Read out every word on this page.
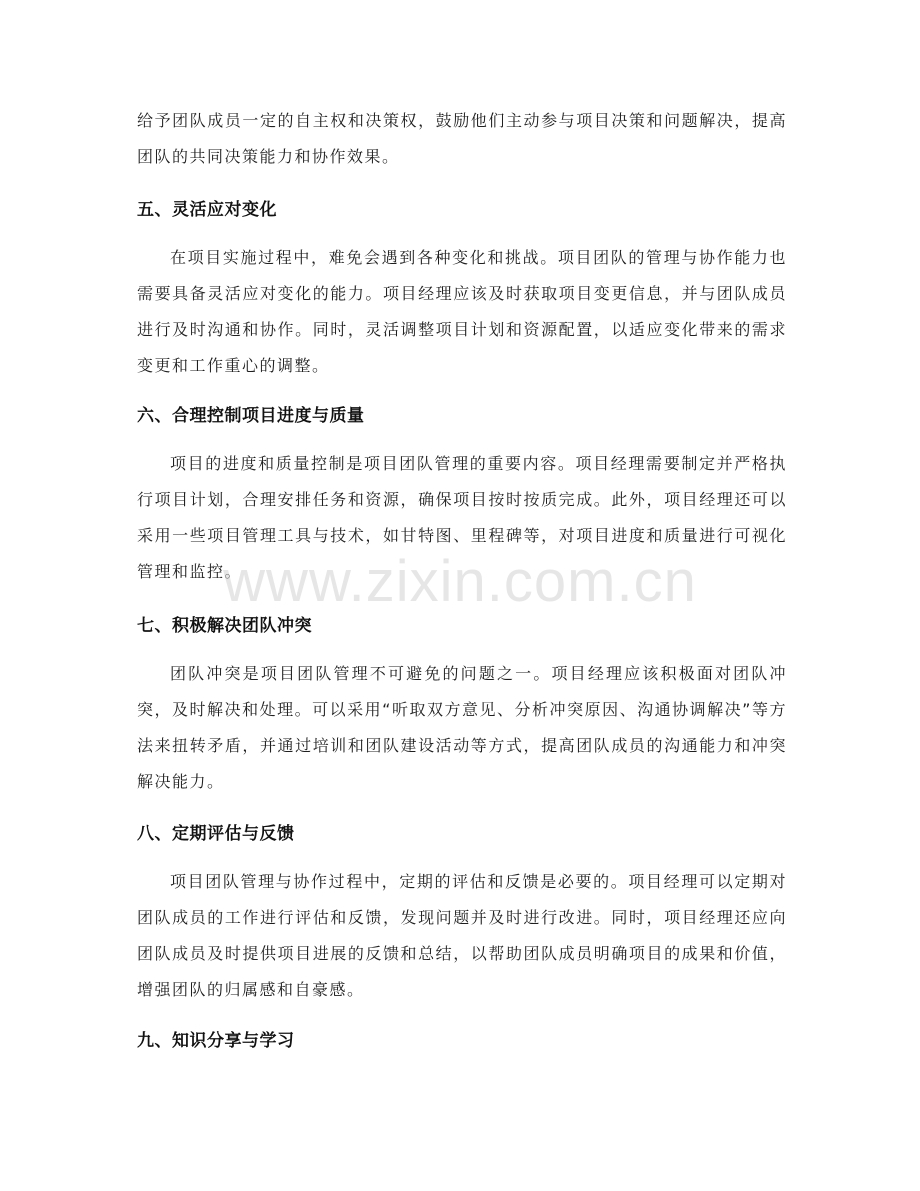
给予团队成员一定的自主权和决策权，鼓励他们主动参与项目决策和问题解决，提高团队的共同决策能力和协作效果。

五、灵活应对变化

在项目实施过程中，难免会遇到各种变化和挑战。项目团队的管理与协作能力也需要具备灵活应对变化的能力。项目经理应该及时获取项目变更信息，并与团队成员进行及时沟通和协作。同时，灵活调整项目计划和资源配置，以适应变化带来的需求变更和工作重心的调整。

六、合理控制项目进度与质量

项目的进度和质量控制是项目团队管理的重要内容。项目经理需要制定并严格执行项目计划，合理安排任务和资源，确保项目按时按质完成。此外，项目经理还可以采用一些项目管理工具与技术，如甘特图、里程碑等，对项目进度和质量进行可视化管理和监控。

七、积极解决团队冲突

团队冲突是项目团队管理不可避免的问题之一。项目经理应该积极面对团队冲突，及时解决和处理。可以采用“听取双方意见、分析冲突原因、沟通协调解决”等方法来扭转矛盾，并通过培训和团队建设活动等方式，提高团队成员的沟通能力和冲突解决能力。

八、定期评估与反馈

项目团队管理与协作过程中，定期的评估和反馈是必要的。项目经理可以定期对团队成员的工作进行评估和反馈，发现问题并及时进行改进。同时，项目经理还应向团队成员及时提供项目进展的反馈和总结，以帮助团队成员明确项目的成果和价值，增强团队的归属感和自豪感。

九、知识分享与学习
www.zixin.com.cn
